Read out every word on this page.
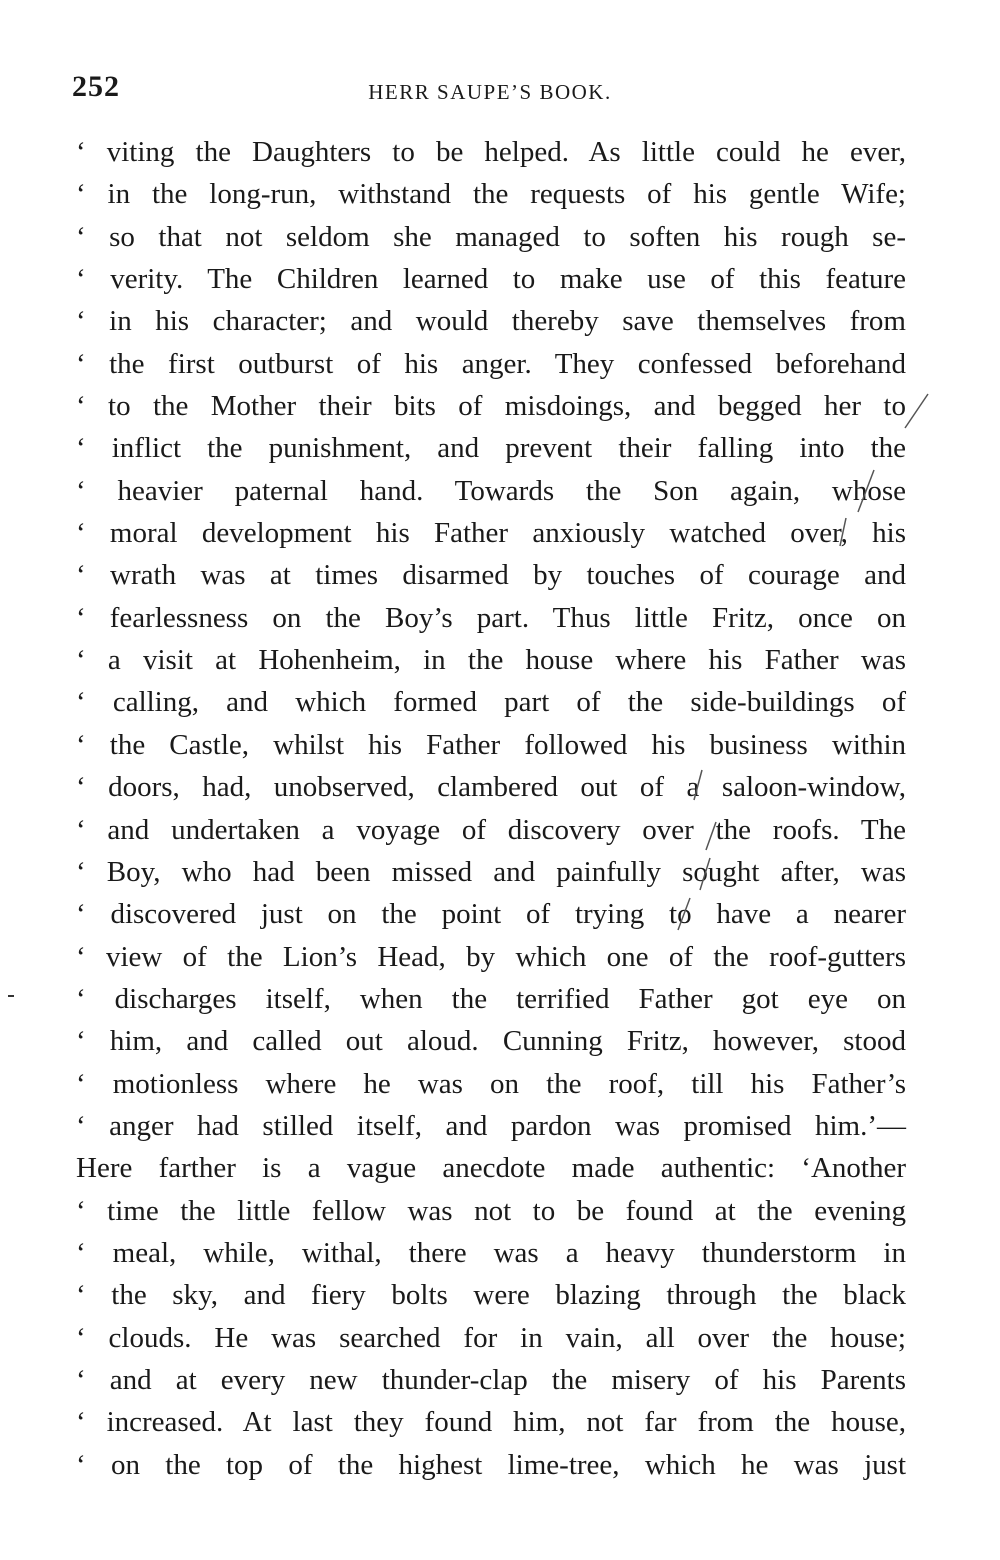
252	HERR SAUPE’S BOOK.
‘ viting the Daughters to be helped. As little could he ever,
‘ in the long-run, withstand the requests of his gentle Wife;
‘ so that not seldom she managed to soften his rough se-
‘ verity. The Children learned to make use of this feature
‘ in his character; and would thereby save themselves from
‘ the first outburst of his anger. They confessed beforehand
‘ to the Mother their bits of misdoings, and begged her to
‘ inflict the punishment, and prevent their falling into the
‘ heavier paternal hand. Towards the Son again, whose
‘ moral development his Father anxiously watched over, his
‘ wrath was at times disarmed by touches of courage and
‘ fearlessness on the Boy’s part. Thus little Fritz, once on
‘ a visit at Hohenheim, in the house where his Father was
‘ calling, and which formed part of the side-buildings of
‘ the Castle, whilst his Father followed his business within
‘ doors, had, unobserved, clambered out of a saloon-window,
‘ and undertaken a voyage of discovery over the roofs. The
‘ Boy, who had been missed and painfully sought after, was
‘ discovered just on the point of trying to have a nearer
‘ view of the Lion’s Head, by which one of the roof-gutters
‘ discharges itself, when the terrified Father got eye on
‘ him, and called out aloud. Cunning Fritz, however, stood
‘ motionless where he was on the roof, till his Father’s
‘ anger had stilled itself, and pardon was promised him.’—
Here farther is a vague anecdote made authentic: ‘Another
‘ time the little fellow was not to be found at the evening
‘ meal, while, withal, there was a heavy thunderstorm in
‘ the sky, and fiery bolts were blazing through the black
‘ clouds. He was searched for in vain, all over the house;
‘ and at every new thunder-clap the misery of his Parents
‘ increased. At last they found him, not far from the house,
‘ on the top of the highest lime-tree, which he was just
